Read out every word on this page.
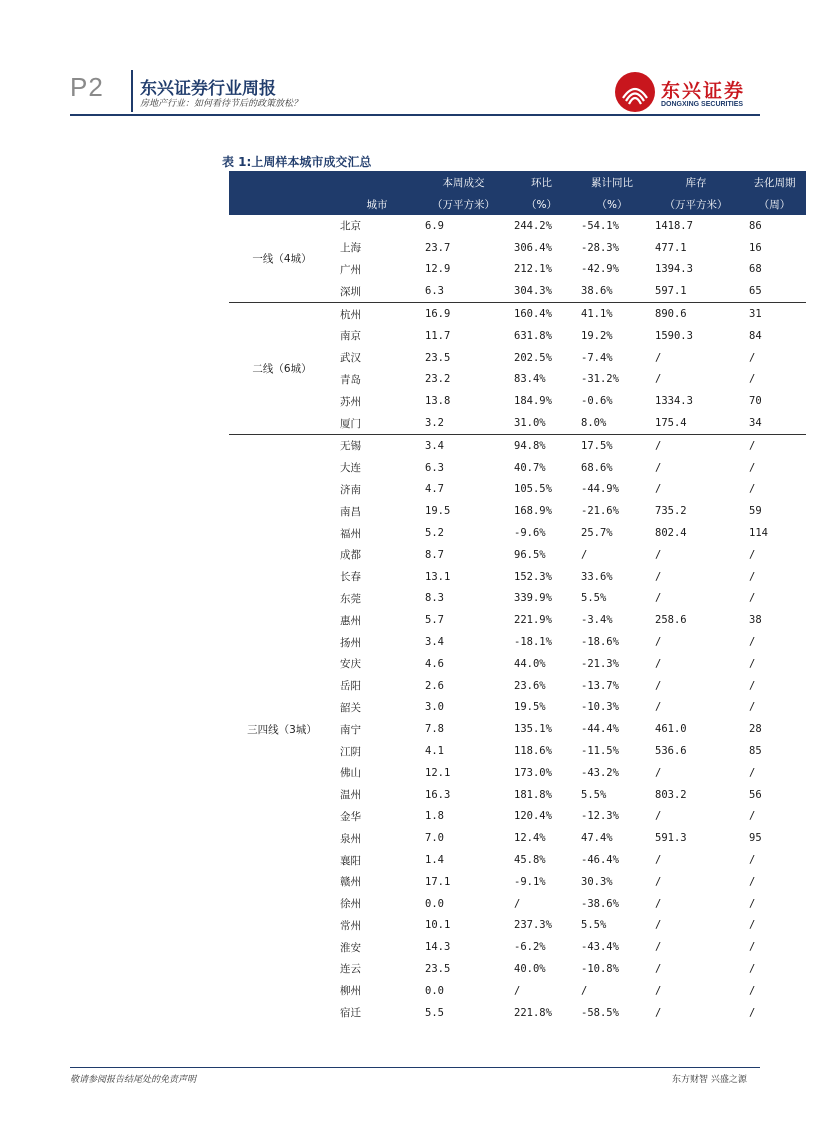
P2 东兴证券行业周报
房地产行业：如何看待节后的政策放松？
东兴证券
DONGXING SECURITIES
表 1:上周样本城市成交汇总
		本周成交	环比	累计同比	库存	去化周期
	城市	（万平方米）	（%）	（%）	（万平方米）	（周）
一线（4城）	北京	6.9	244.2%	-54.1%	1418.7	86
	上海	23.7	306.4%	-28.3%	477.1	16
	广州	12.9	212.1%	-42.9%	1394.3	68
	深圳	6.3	304.3%	38.6%	597.1	65
二线（6城）	杭州	16.9	160.4%	41.1%	890.6	31
	南京	11.7	631.8%	19.2%	1590.3	84
	武汉	23.5	202.5%	-7.4%	/	/
	青岛	23.2	83.4%	-31.2%	/	/
	苏州	13.8	184.9%	-0.6%	1334.3	70
	厦门	3.2	31.0%	8.0%	175.4	34
三四线（3城）	无锡	3.4	94.8%	17.5%	/	/
	大连	6.3	40.7%	68.6%	/	/
	济南	4.7	105.5%	-44.9%	/	/
	南昌	19.5	168.9%	-21.6%	735.2	59
	福州	5.2	-9.6%	25.7%	802.4	114
	成都	8.7	96.5%	/	/	/
	长春	13.1	152.3%	33.6%	/	/
	东莞	8.3	339.9%	5.5%	/	/
	惠州	5.7	221.9%	-3.4%	258.6	38
	扬州	3.4	-18.1%	-18.6%	/	/
	安庆	4.6	44.0%	-21.3%	/	/
	岳阳	2.6	23.6%	-13.7%	/	/
	韶关	3.0	19.5%	-10.3%	/	/
	南宁	7.8	135.1%	-44.4%	461.0	28
	江阴	4.1	118.6%	-11.5%	536.6	85
	佛山	12.1	173.0%	-43.2%	/	/
	温州	16.3	181.8%	5.5%	803.2	56
	金华	1.8	120.4%	-12.3%	/	/
	泉州	7.0	12.4%	47.4%	591.3	95
	襄阳	1.4	45.8%	-46.4%	/	/
	赣州	17.1	-9.1%	30.3%	/	/
	徐州	0.0	/	-38.6%	/	/
	常州	10.1	237.3%	5.5%	/	/
	淮安	14.3	-6.2%	-43.4%	/	/
	连云	23.5	40.0%	-10.8%	/	/
	柳州	0.0	/	/	/	/
	宿迁	5.5	221.8%	-58.5%	/	/
敬请参阅报告结尾处的免责声明	东方财智 兴盛之源
